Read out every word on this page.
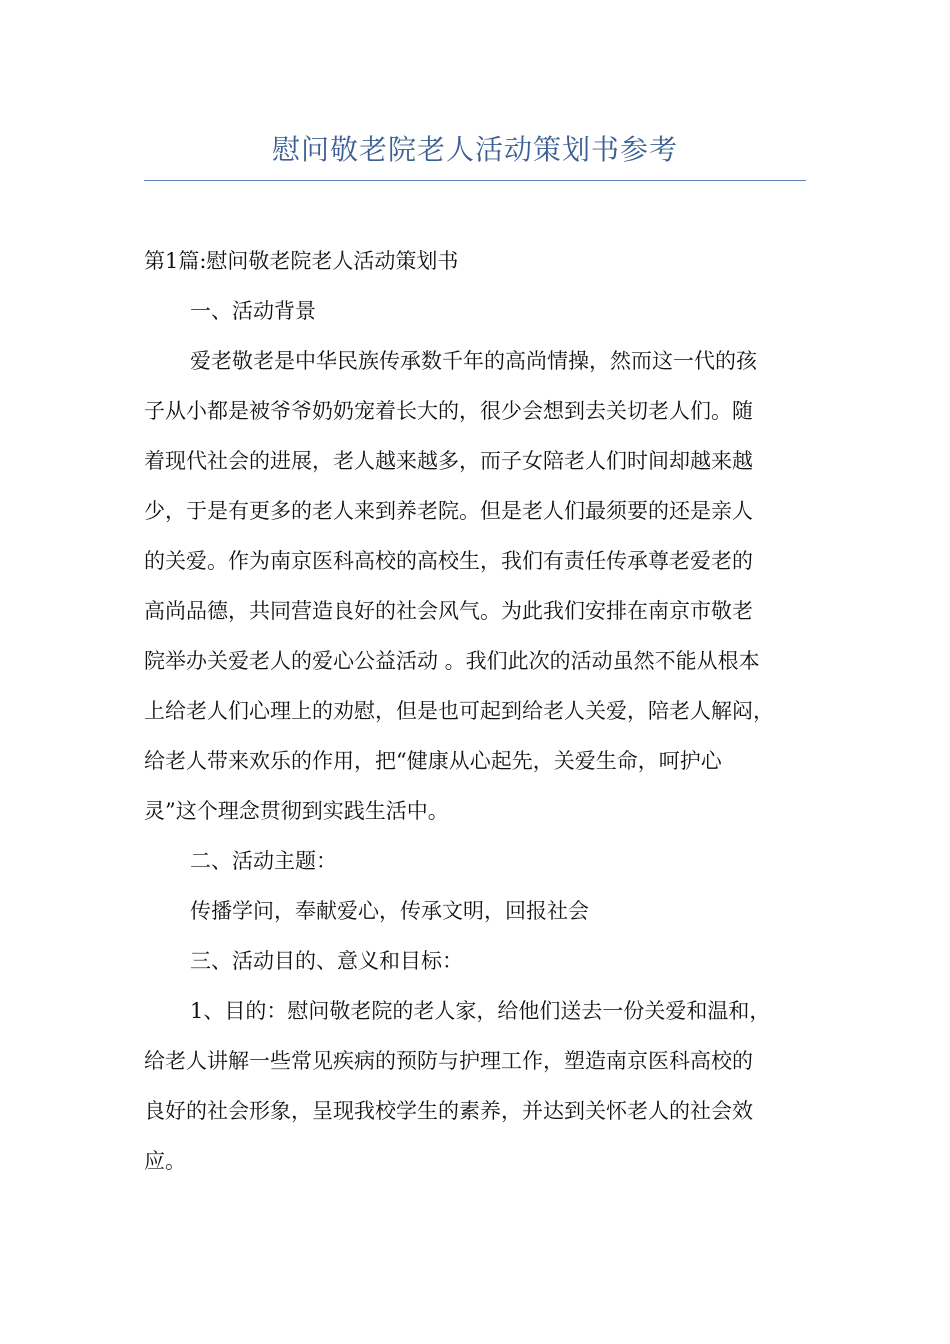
慰问敬老院老人活动策划书参考
第1篇:慰问敬老院老人活动策划书
一、活动背景
爱老敬老是中华民族传承数千年的高尚情操，然而这一代的孩
子从小都是被爷爷奶奶宠着长大的，很少会想到去关切老人们。随
着现代社会的进展，老人越来越多，而子女陪老人们时间却越来越
少，于是有更多的老人来到养老院。但是老人们最须要的还是亲人
的关爱。作为南京医科高校的高校生，我们有责任传承尊老爱老的
高尚品德，共同营造良好的社会风气。为此我们安排在南京市敬老
院举办关爱老人的爱心公益活动 。我们此次的活动虽然不能从根本
上给老人们心理上的劝慰，但是也可起到给老人关爱，陪老人解闷，
给老人带来欢乐的作用，把“健康从心起先，关爱生命，呵护心
灵”这个理念贯彻到实践生活中。
二、活动主题：
传播学问，奉献爱心，传承文明，回报社会
三、活动目的、意义和目标：
1、目的：慰问敬老院的老人家，给他们送去一份关爱和温和，
给老人讲解一些常见疾病的预防与护理工作，塑造南京医科高校的
良好的社会形象，呈现我校学生的素养，并达到关怀老人的社会效
应。
